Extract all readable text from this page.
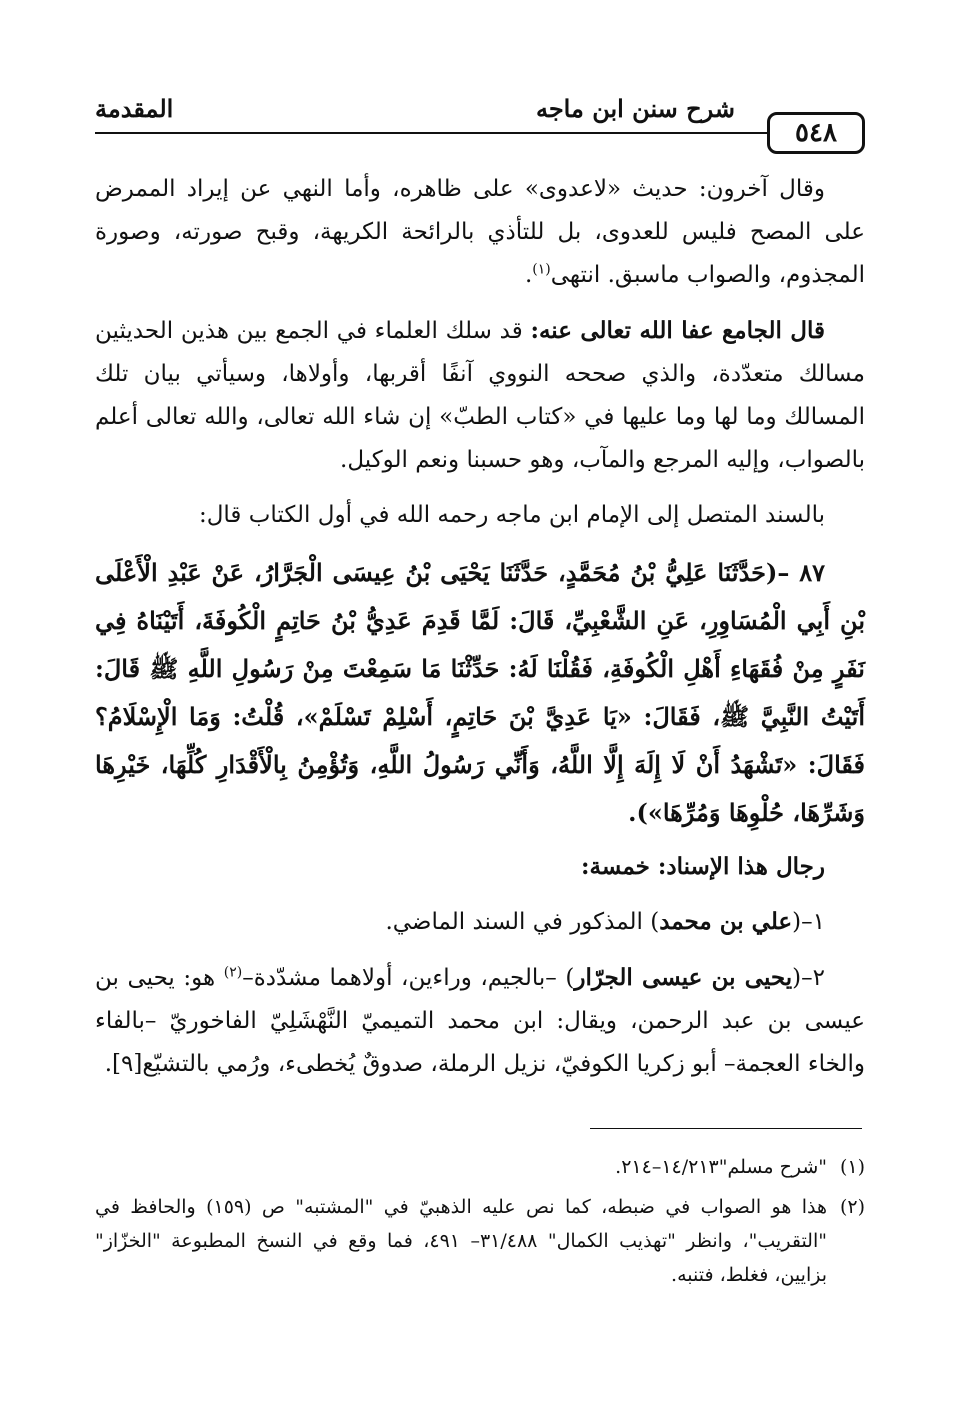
المقدمة	شرح سنن ابن ماجه
٥٤٨

وقال آخرون: حديث «لاعدوى» على ظاهره، وأما النهي عن إيراد الممرض على المصح فليس للعدوى، بل للتأذي بالرائحة الكريهة، وقبح صورته، وصورة المجذوم، والصواب ماسبق. انتهى$^{(١)}$.

قال الجامع عفا الله تعالى عنه: قد سلك العلماء في الجمع بين هذين الحديثين مسالك متعدّدة، والذي صححه النووي آنفًا أقربها، وأولاها، وسيأتي بيان تلك المسالك وما لها وما عليها في «كتاب الطبّ» إن شاء الله تعالى، والله تعالى أعلم بالصواب، وإليه المرجع والمآب، وهو حسبنا ونعم الوكيل.

بالسند المتصل إلى الإمام ابن ماجه رحمه الله في أول الكتاب قال:

٨٧ –(حَدَّثَنَا عَلِيُّ بْنُ مُحَمَّدٍ، حَدَّثَنَا يَحْيَى بْنُ عِيسَى الْجَرَّارُ، عَنْ عَبْدِ الْأَعْلَى بْنِ أَبِي الْمُسَاوِرِ، عَنِ الشَّعْبِيِّ، قَالَ: لَمَّا قَدِمَ عَدِيُّ بْنُ حَاتِمٍ الْكُوفَةَ، أَتَيْنَاهُ فِي نَفَرٍ مِنْ فُقَهَاءِ أَهْلِ الْكُوفَةِ، فَقُلْنَا لَهُ: حَدِّثْنَا مَا سَمِعْتَ مِنْ رَسُولِ اللَّهِ ﷺ قَالَ: أَتَيْتُ النَّبِيَّ ﷺ، فَقَالَ: «يَا عَدِيَّ بْنَ حَاتِمٍ، أَسْلِمْ تَسْلَمْ»، قُلْتُ: وَمَا الْإِسْلَامُ؟ فَقَالَ: «تَشْهَدُ أَنْ لَا إِلَهَ إِلَّا اللَّهُ، وَأَنِّي رَسُولُ اللَّهِ، وَتُؤْمِنُ بِالْأَقْدَارِ كُلِّهَا، خَيْرِهَا وَشَرِّهَا، حُلْوِهَا وَمُرِّهَا»).

رجال هذا الإسناد: خمسة:

١–(علي بن محمد) المذكور في السند الماضي.

٢–(يحيى بن عيسى الجرّار) –بالجيم، وراءين، أولاهما مشدّدة–$^{(٢)}$ هو: يحيى بن عيسى بن عبد الرحمن، ويقال: ابن محمد التميميّ النَّهْشَلِيّ الفاخوريّ –بالفاء والخاء العجمة– أبو زكريا الكوفيّ، نزيل الرملة، صدوقٌ يُخطىء، ورُمي بالتشيّع[٩].

(١)
"شرح مسلم"١٤/٢١٣–٢١٤.
(٢)
هذا هو الصواب في ضبطه، كما نص عليه الذهبيّ في "المشتبه" ص (١٥٩) والحافظ في "التقريب"، وانظر "تهذيب الكمال" ٣١/٤٨٨– ٤٩١، فما وقع في النسخ المطبوعة "الخزّاز" بزايين، فغلط، فتنبه.
